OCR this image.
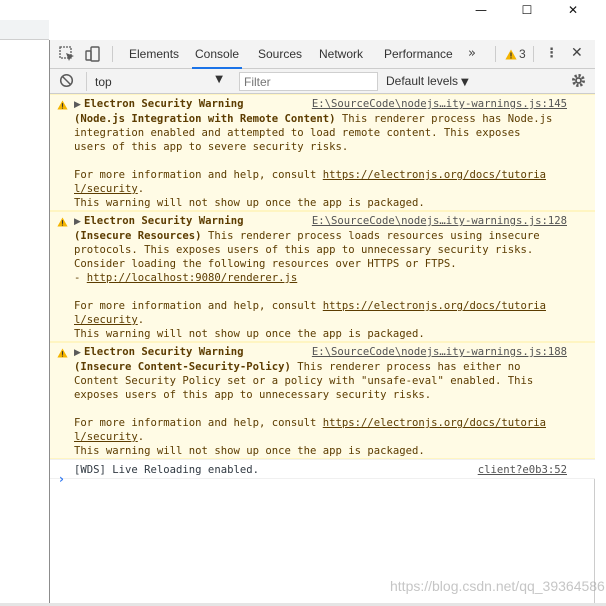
—	☐	✕
Elements Console Sources Network Performance »	3 ⋮ ✕
top	▼
Filter	Default levels ▼
▶ Electron Security Warning	E:\SourceCode\nodejs…ity-warnings.js:145
(Node.js Integration with Remote Content) This renderer process has Node.js
integration enabled and attempted to load remote content. This exposes
users of this app to severe security risks.
For more information and help, consult https://electronjs.org/docs/tutoria
l/security.
This warning will not show up once the app is packaged.
▶ Electron Security Warning	E:\SourceCode\nodejs…ity-warnings.js:128
(Insecure Resources) This renderer process loads resources using insecure
protocols. This exposes users of this app to unnecessary security risks.
Consider loading the following resources over HTTPS or FTPS.
- http://localhost:9080/renderer.js
For more information and help, consult https://electronjs.org/docs/tutoria
l/security.
This warning will not show up once the app is packaged.
▶ Electron Security Warning	E:\SourceCode\nodejs…ity-warnings.js:188
(Insecure Content-Security-Policy) This renderer process has either no
Content Security Policy set or a policy with "unsafe-eval" enabled. This
exposes users of this app to unnecessary security risks.
For more information and help, consult https://electronjs.org/docs/tutoria
l/security.
This warning will not show up once the app is packaged.
[WDS] Live Reloading enabled.	client?e0b3:52
›
https://blog.csdn.net/qq_39364586
